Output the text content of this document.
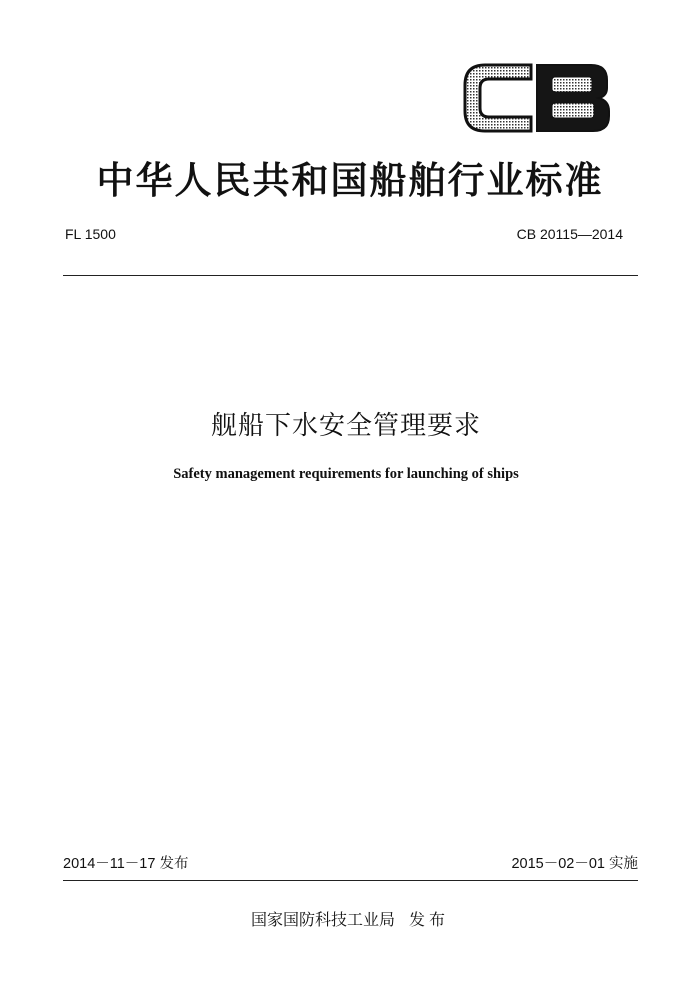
中华人民共和国船舶行业标准
FL 1500	CB 20115—2014
舰船下水安全管理要求
Safety management requirements for launching of ships
2014－11－17 发布	2015－02－01 实施
国家国防科技工业局 发布
